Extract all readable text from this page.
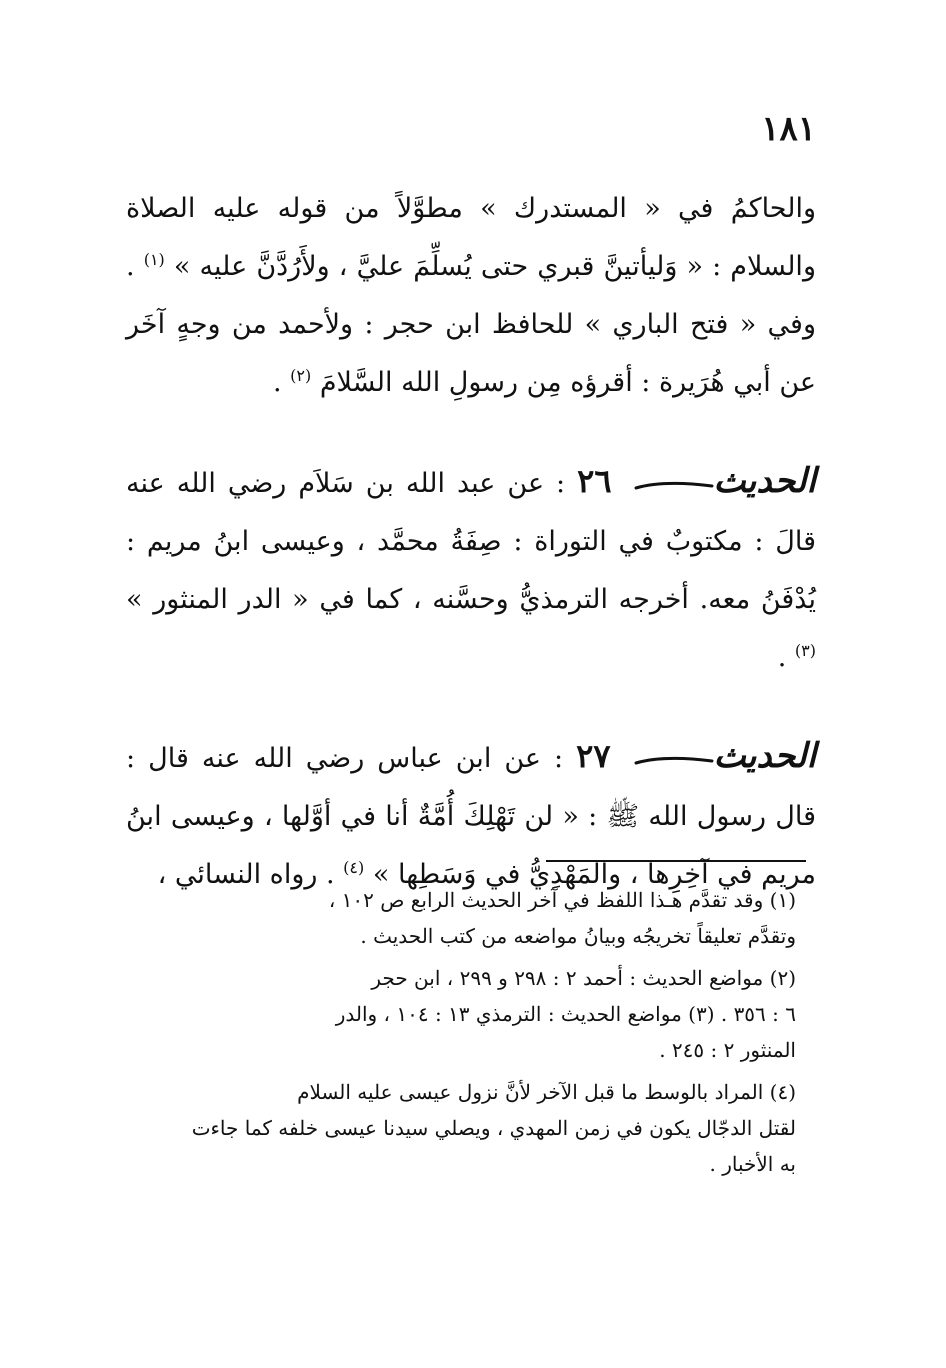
١٨١

والحاكمُ في « المستدرك » مطوَّلاً من قوله عليه الصلاة والسلام : « وَليأتينَّ قبري حتى يُسلِّمَ عليَّ ، ولأَرُدَّنَّ عليه » $^{(١)}$ . وفي « فتح الباري » للحافظ ابن حجر : ولأحمد من وجهٍ آخَر عن أبي هُرَيرة : أقرؤه مِن رسولِ الله السَّلامَ $^{(٢)}$ .

الحديث ٢٦ : عن عبد الله بن سَلاَم رضي الله عنه قالَ : مكتوبٌ في التوراة : صِفَةُ محمَّد ، وعيسى ابنُ مريم : يُدْفَنُ معه. أخرجه الترمذيُّ وحسَّنه ، كما في « الدر المنثور » $^{(٣)}$ .

الحديث ٢٧ : عن ابن عباس رضي الله عنه قال : قال رسول الله ﷺ : « لن تَهْلِكَ أُمَّةٌ أنا في أوَّلها ، وعيسى ابنُ مريم في آخِرِها ، والمَهْدِيُّ في وَسَطِها » $^{(٤)}$ . رواه النسائي ،

(١) وقد تقدَّم هـذا اللفظ في آخر الحديث الرابع ص ١٠٢ ،
وتقدَّم تعليقاً تخريجُه وبيانُ مواضعه من كتب الحديث .
(٢) مواضع الحديث : أحمد ٢ : ٢٩٨ و ٢٩٩ ، ابن حجر
٦ : ٣٥٦ . (٣) مواضع الحديث : الترمذي ١٣ : ١٠٤ ، والدر
المنثور ٢ : ٢٤٥ .
(٤) المراد بالوسط ما قبل الآخر لأنَّ نزول عيسى عليه السلام
لقتل الدجّال يكون في زمن المهدي ، ويصلي سيدنا عيسى خلفه كما جاءت
به الأخبار .
